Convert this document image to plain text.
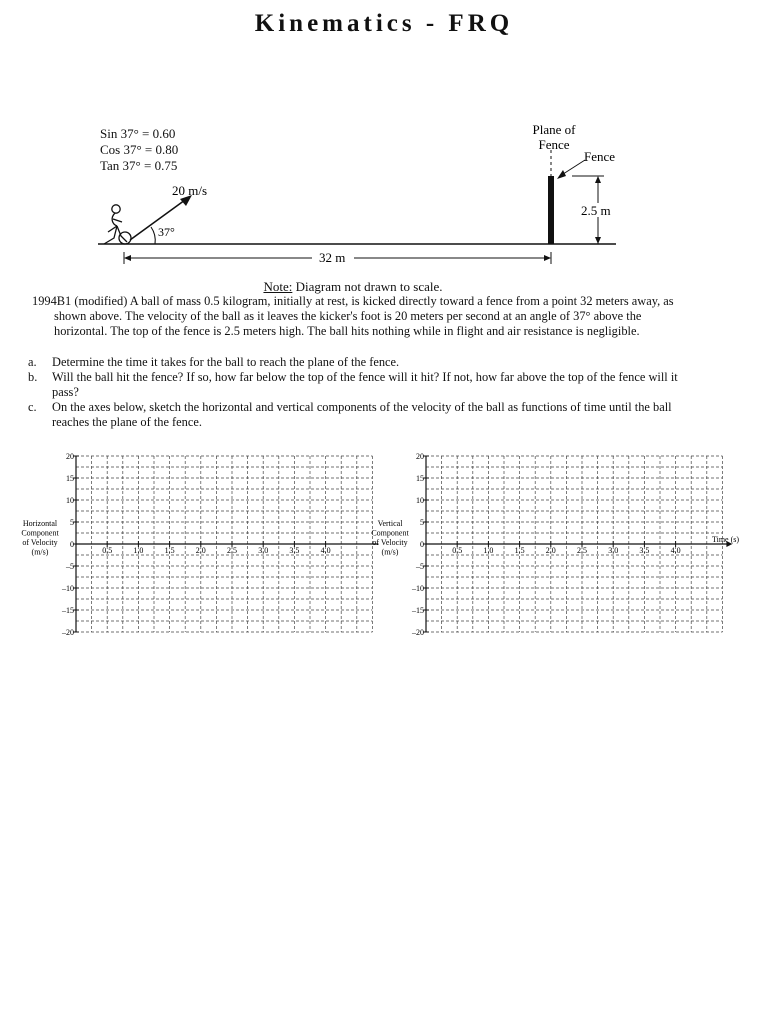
Kinematics - FRQ
Sin 37° = 0.60
Cos 37° = 0.80
Tan 37° = 0.75
20 m/s
37°
Plane of
Fence
Fence
2.5 m
32 m
Note: Diagram not drawn to scale.

1994B1 (modified) A ball of mass 0.5 kilogram, initially at rest, is kicked directly toward a fence from a point 32 meters away, as shown above. The velocity of the ball as it leaves the kicker's foot is 20 meters per second at an angle of 37° above the horizontal. The top of the fence is 2.5 meters high. The ball hits nothing while in flight and air resistance is negligible.

a.	Determine the time it takes for the ball to reach the plane of the fence.
b.	Will the ball hit the fence? If so, how far below the top of the fence will it hit? If not, how far above the top of the fence will it pass?
c.	On the axes below, sketch the horizontal and vertical components of the velocity of the ball as functions of time until the ball reaches the plane of the fence.
20
15
10
5
0
–5
–10
–15
–20
0.5	1.0	1.5	2.0	2.5	3.0	3.5	4.0
Horizontal
Component
of Velocity
(m/s)
20
15
10
5
0
–5
–10
–15
–20
0.5	1.0	1.5	2.0	2.5	3.0	3.5	4.0
Vertical
Component
of Velocity
(m/s)
Time (s)
